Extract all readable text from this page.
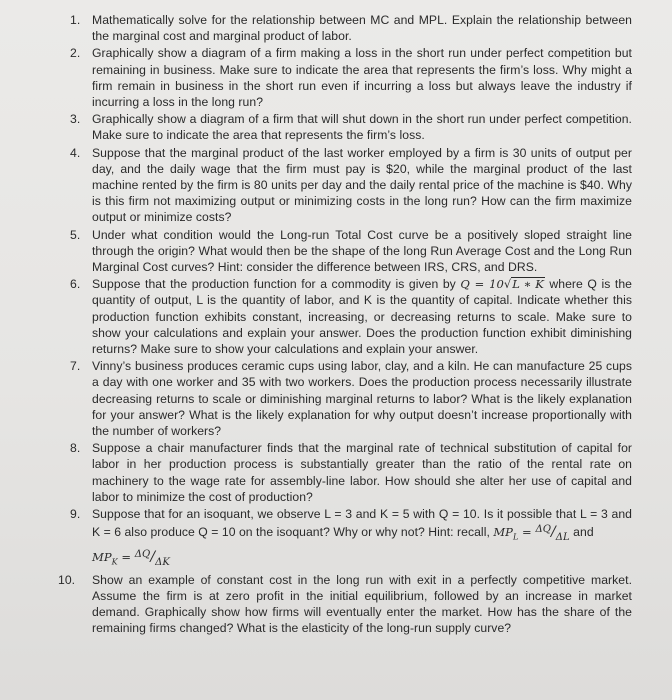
1. Mathematically solve for the relationship between MC and MPL. Explain the relationship between the marginal cost and marginal product of labor.
2. Graphically show a diagram of a firm making a loss in the short run under perfect competition but remaining in business. Make sure to indicate the area that represents the firm’s loss. Why might a firm remain in business in the short run even if incurring a loss but always leave the industry if incurring a loss in the long run?
3. Graphically show a diagram of a firm that will shut down in the short run under perfect competition. Make sure to indicate the area that represents the firm’s loss.
4. Suppose that the marginal product of the last worker employed by a firm is 30 units of output per day, and the daily wage that the firm must pay is $20, while the marginal product of the last machine rented by the firm is 80 units per day and the daily rental price of the machine is $40. Why is this firm not maximizing output or minimizing costs in the long run? How can the firm maximize output or minimize costs?
5. Under what condition would the Long-run Total Cost curve be a positively sloped straight line through the origin? What would then be the shape of the long Run Average Cost and the Long Run Marginal Cost curves? Hint: consider the difference between IRS, CRS, and DRS.
6. Suppose that the production function for a commodity is given by Q = 10√L ∗ K where Q is the quantity of output, L is the quantity of labor, and K is the quantity of capital. Indicate whether this production function exhibits constant, increasing, or decreasing returns to scale. Make sure to show your calculations and explain your answer. Does the production function exhibit diminishing returns? Make sure to show your calculations and explain your answer.
7. Vinny’s business produces ceramic cups using labor, clay, and a kiln. He can manufacture 25 cups a day with one worker and 35 with two workers. Does the production process necessarily illustrate decreasing returns to scale or diminishing marginal returns to labor? What is the likely explanation for your answer? What is the likely explanation for why output doesn’t increase proportionally with the number of workers?
8. Suppose a chair manufacturer finds that the marginal rate of technical substitution of capital for labor in her production process is substantially greater than the ratio of the rental rate on machinery to the wage rate for assembly-line labor. How should she alter her use of capital and labor to minimize the cost of production?
9. Suppose that for an isoquant, we observe L = 3 and K = 5 with Q = 10. Is it possible that L = 3 and K = 6 also produce Q = 10 on the isoquant? Why or why not? Hint: recall, $MP_L = \Delta Q/\Delta L$ and
$MP_K = \Delta Q/\Delta K$
10. Show an example of constant cost in the long run with exit in a perfectly competitive market. Assume the firm is at zero profit in the initial equilibrium, followed by an increase in market demand. Graphically show how firms will eventually enter the market. How has the share of the remaining firms changed? What is the elasticity of the long-run supply curve?
